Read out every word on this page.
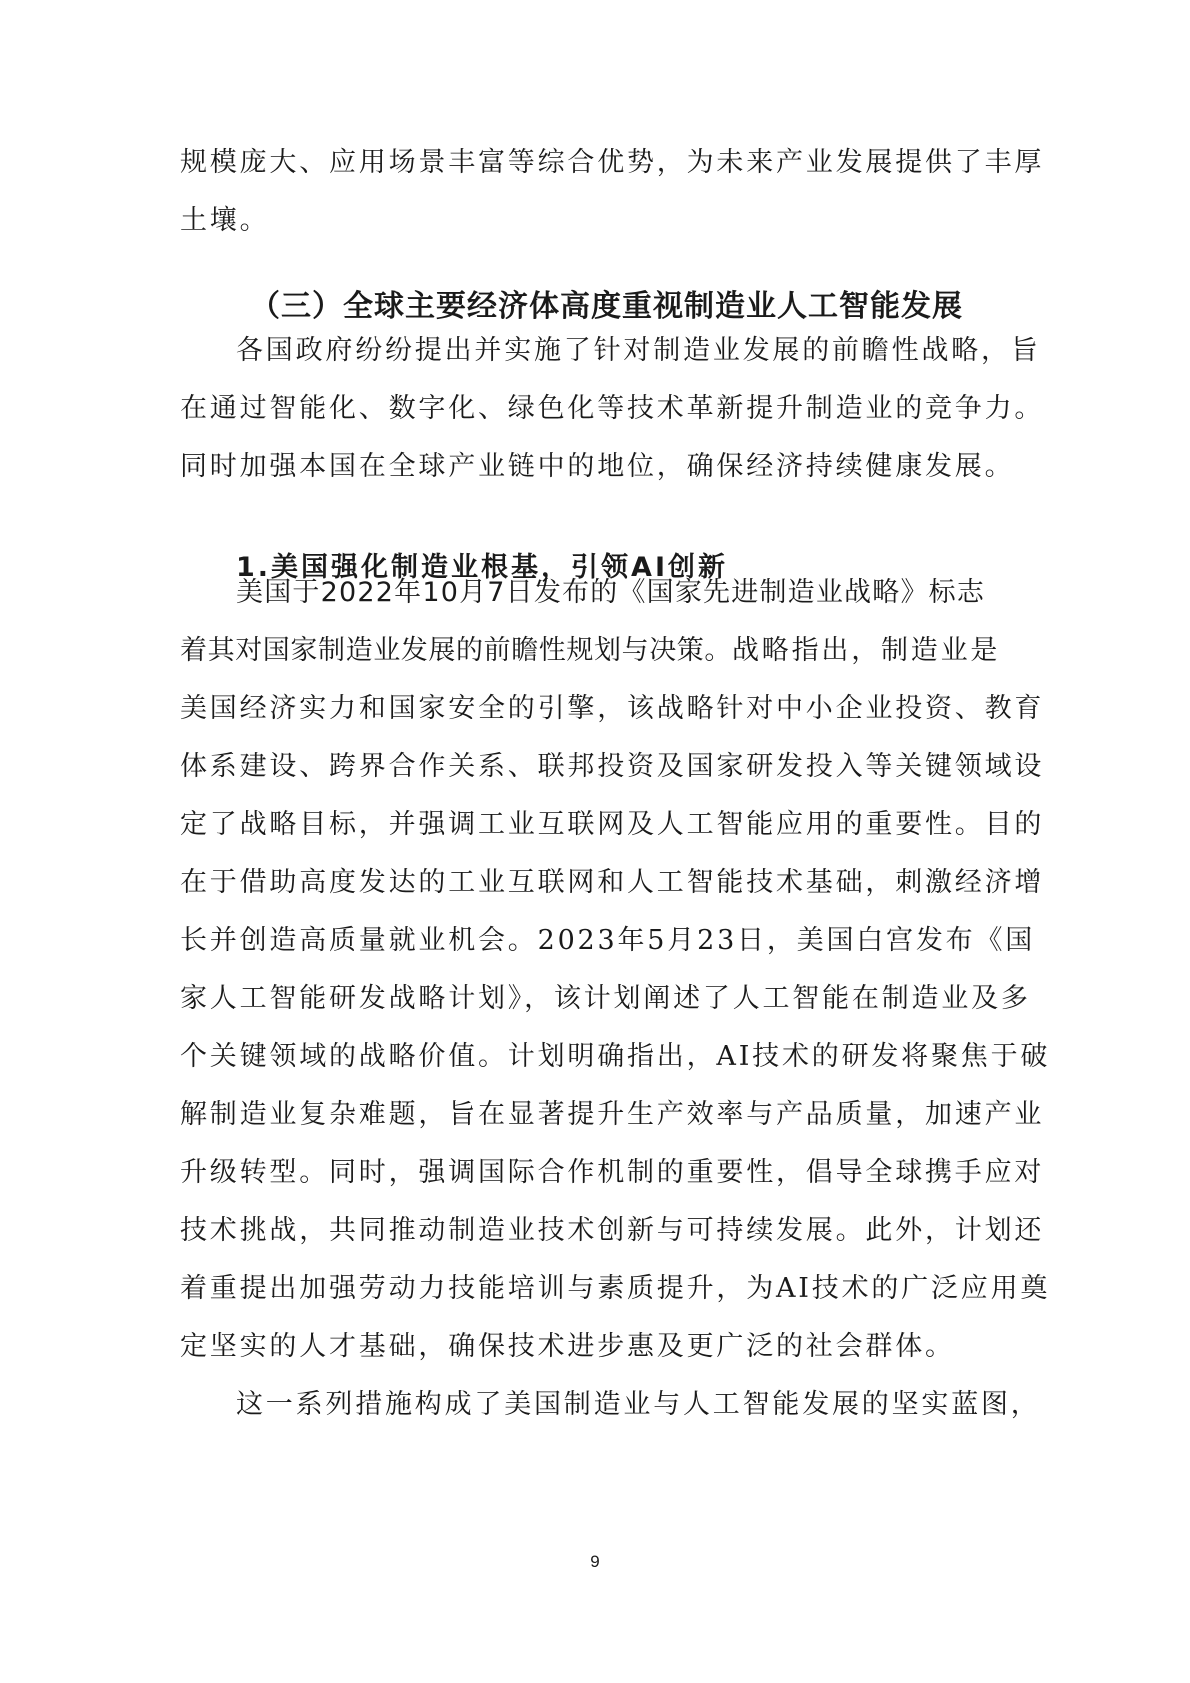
规模庞大、应用场景丰富等综合优势，为未来产业发展提供了丰厚

土壤。

（三）全球主要经济体高度重视制造业人工智能发展

各国政府纷纷提出并实施了针对制造业发展的前瞻性战略，旨

在通过智能化、数字化、绿色化等技术革新提升制造业的竞争力。

同时加强本国在全球产业链中的地位，确保经济持续健康发展。

1.美国强化制造业根基，引领AI创新

美国于2022年10月7日发布的《国家先进制造业战略》标志

着其对国家制造业发展的前瞻性规划与决策。战略指出，制造业是

美国经济实力和国家安全的引擎，该战略针对中小企业投资、教育

体系建设、跨界合作关系、联邦投资及国家研发投入等关键领域设

定了战略目标，并强调工业互联网及人工智能应用的重要性。目的

在于借助高度发达的工业互联网和人工智能技术基础，刺激经济增

长并创造高质量就业机会。2023年5月23日，美国白宫发布《国

家人工智能研发战略计划》，该计划阐述了人工智能在制造业及多

个关键领域的战略价值。计划明确指出，AI技术的研发将聚焦于破

解制造业复杂难题，旨在显著提升生产效率与产品质量，加速产业

升级转型。同时，强调国际合作机制的重要性，倡导全球携手应对

技术挑战，共同推动制造业技术创新与可持续发展。此外，计划还

着重提出加强劳动力技能培训与素质提升，为AI技术的广泛应用奠

定坚实的人才基础，确保技术进步惠及更广泛的社会群体。

这一系列措施构成了美国制造业与人工智能发展的坚实蓝图，

9
